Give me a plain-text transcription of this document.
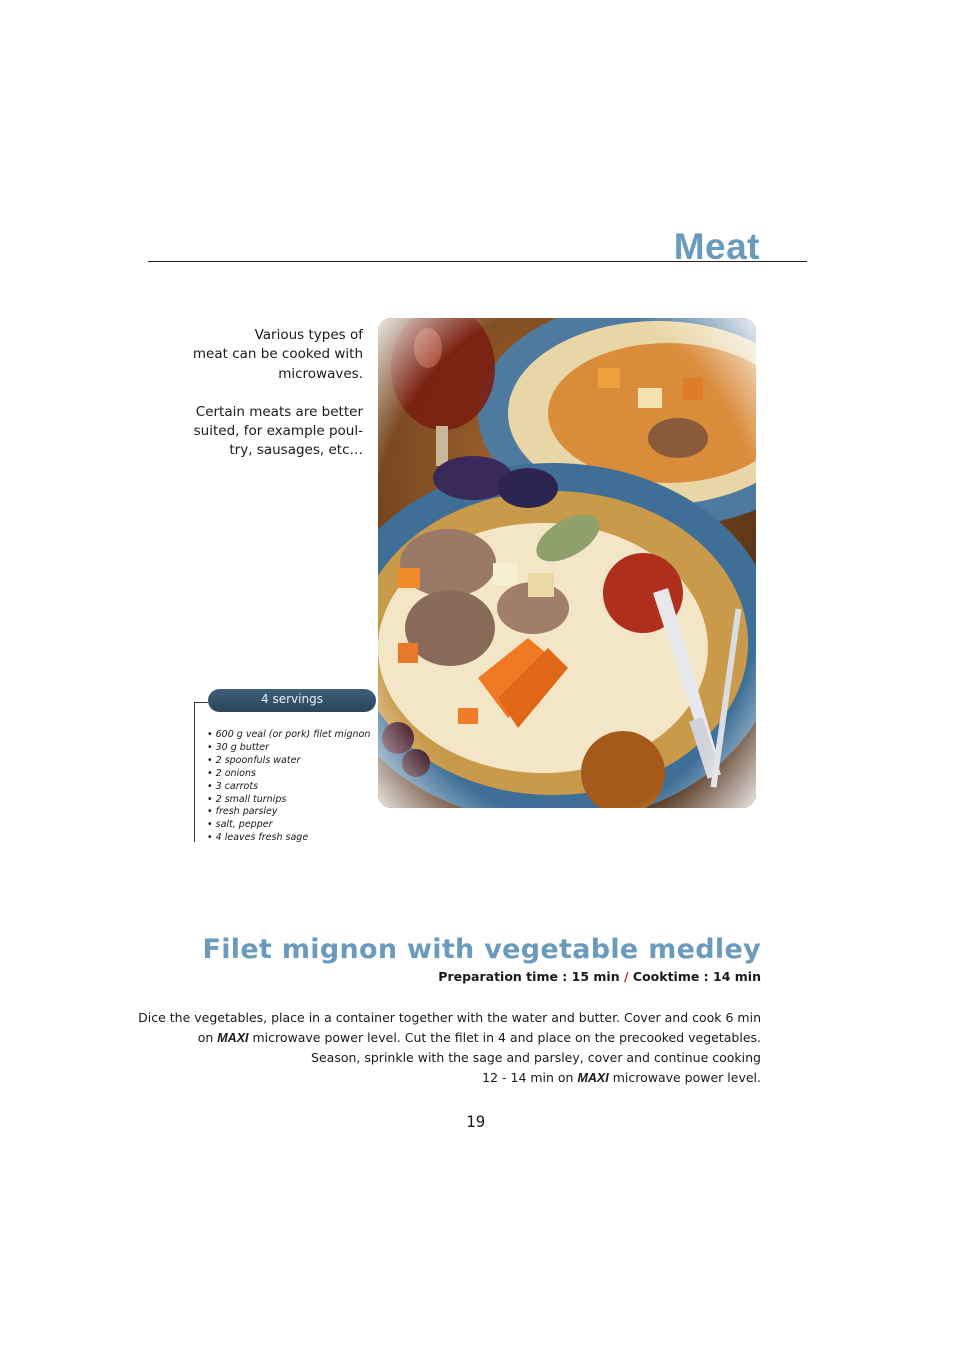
Meat

Various types of
meat can be cooked with
microwaves.

Certain meats are better
suited, for example poul-
try, sausages, etc…

4 servings
• 600 g veal (or pork) filet mignon
• 30 g butter
• 2 spoonfuls water
• 2 onions
• 3 carrots
• 2 small turnips
• fresh parsley
• salt, pepper
• 4 leaves fresh sage
Filet mignon with vegetable medley
Preparation time : 15 min / Cooktime : 14 min
Dice the vegetables, place in a container together with the water and butter. Cover and cook 6 min
on MAXI microwave power level. Cut the filet in 4 and place on the precooked vegetables.
Season, sprinkle with the sage and parsley, cover and continue cooking
12 - 14 min on MAXI microwave power level.
19
